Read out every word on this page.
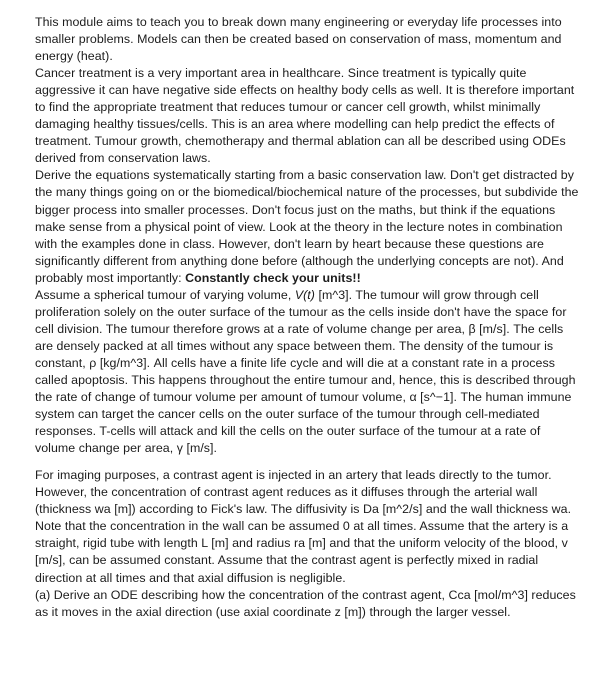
This module aims to teach you to break down many engineering or everyday life processes into smaller problems. Models can then be created based on conservation of mass, momentum and energy (heat).

Cancer treatment is a very important area in healthcare. Since treatment is typically quite aggressive it can have negative side effects on healthy body cells as well. It is therefore important to find the appropriate treatment that reduces tumour or cancer cell growth, whilst minimally damaging healthy tissues/cells. This is an area where modelling can help predict the effects of treatment. Tumour growth, chemotherapy and thermal ablation can all be described using ODEs derived from conservation laws.

Derive the equations systematically starting from a basic conservation law. Don't get distracted by the many things going on or the biomedical/biochemical nature of the processes, but subdivide the bigger process into smaller processes. Don't focus just on the maths, but think if the equations make sense from a physical point of view. Look at the theory in the lecture notes in combination with the examples done in class. However, don't learn by heart because these questions are significantly different from anything done before (although the underlying concepts are not). And probably most importantly: Constantly check your units!!

Assume a spherical tumour of varying volume, V(t) [m^3]. The tumour will grow through cell proliferation solely on the outer surface of the tumour as the cells inside don't have the space for cell division. The tumour therefore grows at a rate of volume change per area, β [m/s]. The cells are densely packed at all times without any space between them. The density of the tumour is constant, ρ [kg/m^3]. All cells have a finite life cycle and will die at a constant rate in a process called apoptosis. This happens throughout the entire tumour and, hence, this is described through the rate of change of tumour volume per amount of tumour volume, α [s^−1]. The human immune system can target the cancer cells on the outer surface of the tumour through cell-mediated responses. T-cells will attack and kill the cells on the outer surface of the tumour at a rate of volume change per area, γ [m/s].

For imaging purposes, a contrast agent is injected in an artery that leads directly to the tumor. However, the concentration of contrast agent reduces as it diffuses through the arterial wall (thickness wa [m]) according to Fick's law. The diffusivity is Da [m^2/s] and the wall thickness wa. Note that the concentration in the wall can be assumed 0 at all times. Assume that the artery is a straight, rigid tube with length L [m] and radius ra [m] and that the uniform velocity of the blood, v [m/s], can be assumed constant. Assume that the contrast agent is perfectly mixed in radial direction at all times and that axial diffusion is negligible.

(a) Derive an ODE describing how the concentration of the contrast agent, Cca [mol/m^3] reduces as it moves in the axial direction (use axial coordinate z [m]) through the larger vessel.
